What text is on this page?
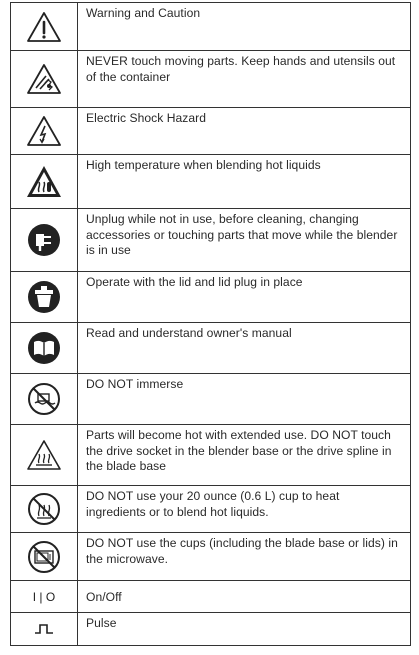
	Warning and Caution

	NEVER touch moving parts. Keep hands and utensils out of the container

	Electric Shock Hazard

	High temperature when blending hot liquids

	Unplug while not in use, before cleaning, changing accessories or touching parts that move while the blender is in use

	Operate with the lid and lid plug in place

	Read and understand owner's manual

	DO NOT immerse

	Parts will become hot with extended use. DO NOT touch the drive socket in the blender base or the drive spline in the blade base

	DO NOT use your 20 ounce (0.6 L) cup to heat ingredients or to blend hot liquids.

	DO NOT use the cups (including the blade base or lids) in the microwave.
I | O	On/Off

	Pulse
